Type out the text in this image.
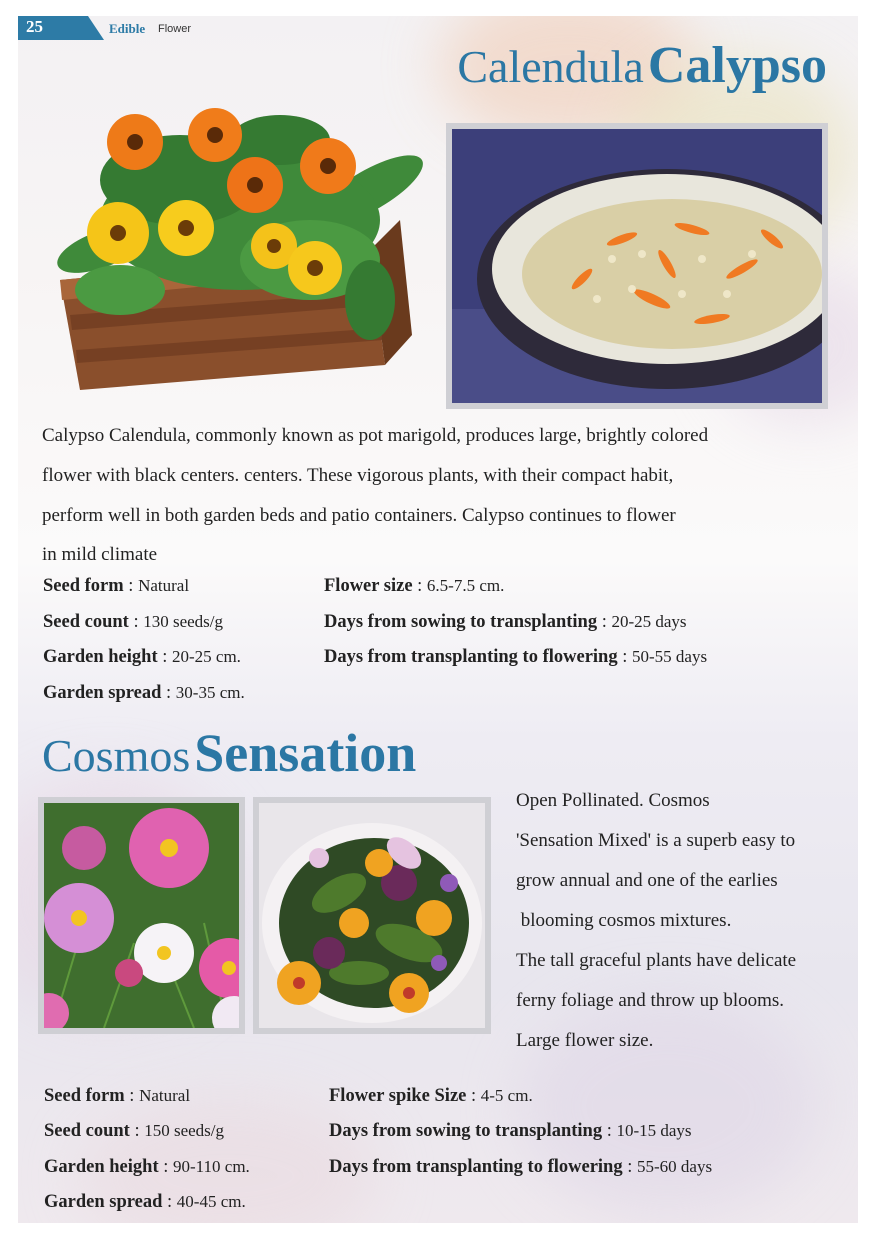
25	Edible Flower
Calendula Calypso
Calypso Calendula, commonly known as pot marigold, produces large, brightly colored
flower with black centers. centers. These vigorous plants, with their compact habit,
perform well in both garden beds and patio containers. Calypso continues to flower
in mild climate
Seed form : Natural
Seed count : 130 seeds/g
Garden height : 20-25 cm.
Garden spread : 30-35 cm.
Flower size : 6.5-7.5 cm.
Days from sowing to transplanting : 20-25 days
Days from transplanting to flowering : 50-55 days
Cosmos Sensation
Open Pollinated. Cosmos
'Sensation Mixed' is a superb easy to
grow annual and one of the earlies
blooming cosmos mixtures.
The tall graceful plants have delicate
ferny foliage and throw up blooms.
Large flower size.
Seed form : Natural
Seed count : 150 seeds/g
Garden height : 90-110 cm.
Garden spread : 40-45 cm.
Flower spike Size : 4-5 cm.
Days from sowing to transplanting : 10-15 days
Days from transplanting to flowering : 55-60 days
